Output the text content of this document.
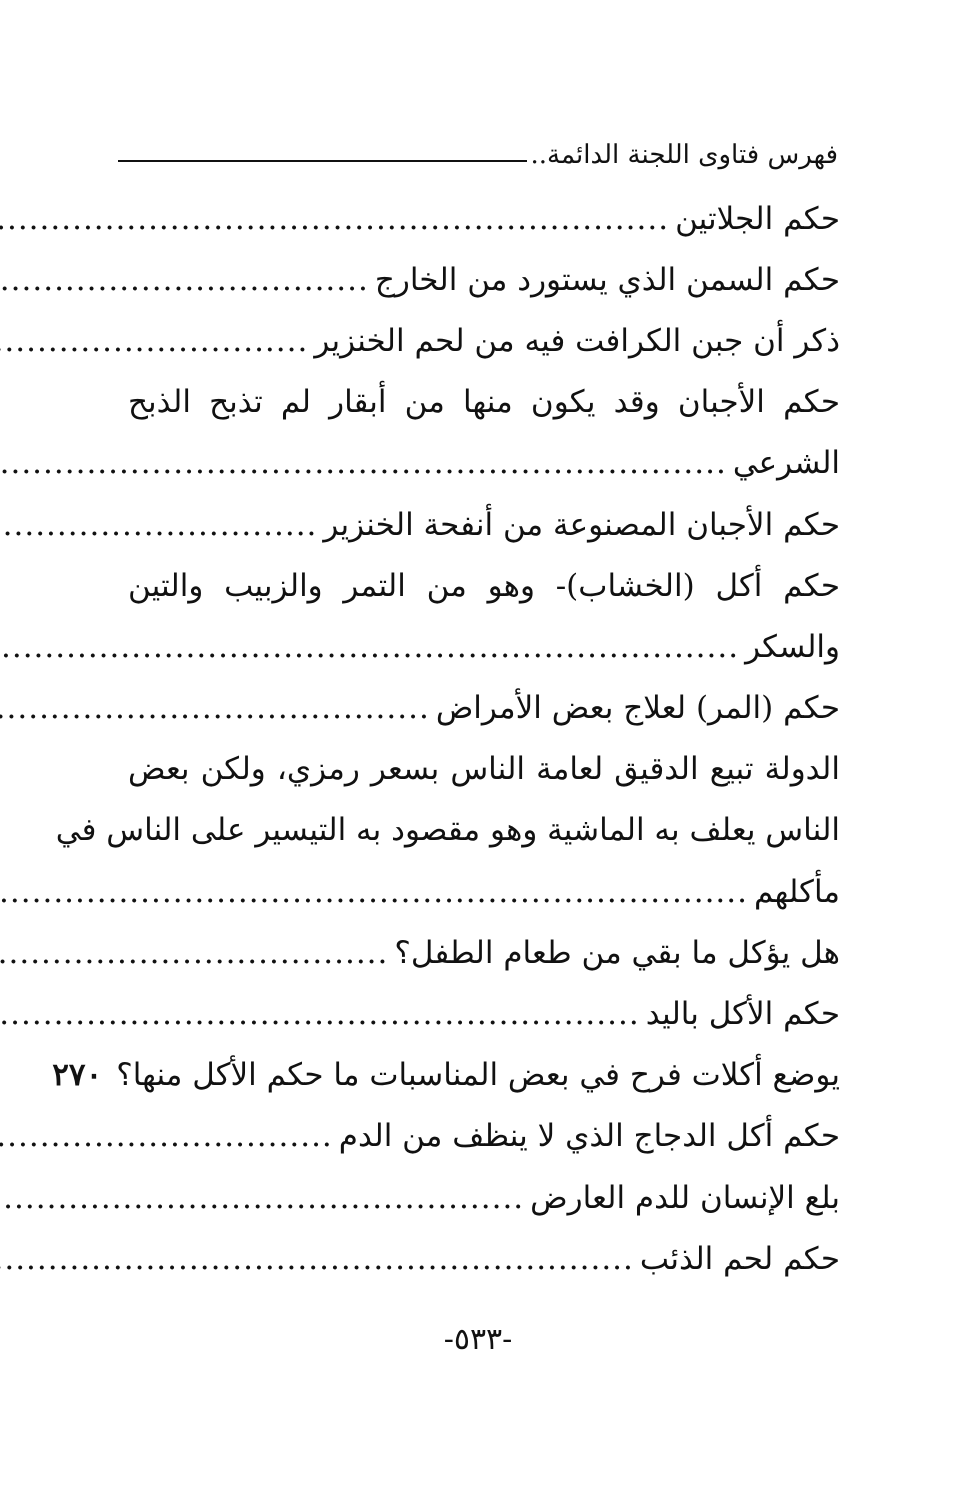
فهرس فتاوى اللجنة الدائمة..
حكم الجلاتين
.....
حكم السمن الذي يستورد من الخارج
.....
ذكر أن جبن الكرافت فيه من لحم الخنزير
.....
حكم الأجبان وقد يكون منها من أبقار لم تذبح الذبح
الشرعي
.....
حكم الأجبان المصنوعة من أنفحة الخنزير
.....
حكم أكل (الخشاب)- وهو من التمر والزبيب والتين
والسكر
.....
حكم (المر) لعلاج بعض الأمراض
.....
الدولة تبيع الدقيق لعامة الناس بسعر رمزي، ولكن بعض
الناس يعلف به الماشية وهو مقصود به التيسير على الناس في
مأكلهم
.....
هل يؤكل ما بقي من طعام الطفل؟
.....
حكم الأكل باليد
.....
يوضع أكلات فرح في بعض المناسبات ما حكم الأكل منها؟
٢٧٠
حكم أكل الدجاج الذي لا ينظف من الدم
.....
بلع الإنسان للدم العارض
.....
حكم لحم الذئب
.....
-٥٣٣-
